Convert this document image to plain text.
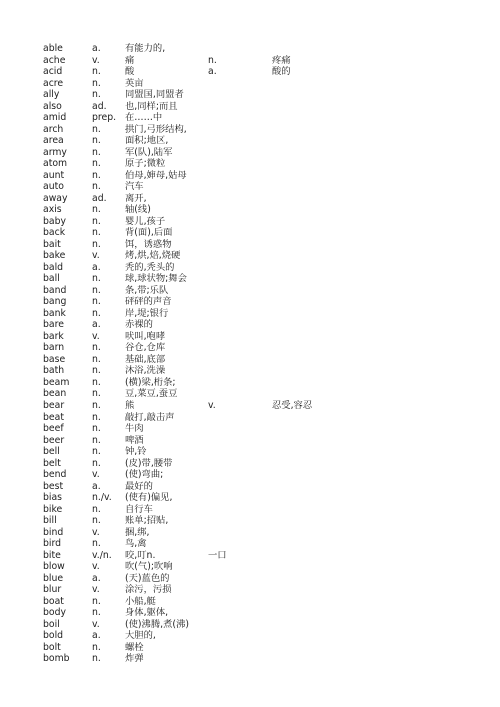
able	a.	有能力的,
ache	v.	痛	n.	疼痛
acid	n.	酸	a.	酸的
acre	n.	英亩
ally	n.	同盟国,同盟者
also	ad. 也,同样;而且
amid	prep. 在……中
arch	n.	拱门,弓形结构,
area	n.	面积;地区,
army	n.	军(队),陆军
atom	n.	原子;微粒
aunt	n.	伯母,婶母,姑母
auto	n.	汽车
away	ad. 离开,
axis	n.	轴(线)
baby	n.	婴儿,孩子
back	n.	背(面),后面
bait	n.	饵，诱惑物
bake	v.	烤,烘,焙,烧硬
bald	a.	秃的,秃头的
ball	n.	球,球状物;舞会
band	n.	条,带;乐队
bang	n.	砰砰的声音
bank	n.	岸,堤;银行
bare	a.	赤裸的
bark	v.	吠叫,咆哮
barn	n.	谷仓,仓库
base	n.	基础,底部
bath	n.	沐浴,洗澡
beam n.	(横)梁,桁条;
bean	n.	豆,菜豆,蚕豆
bear	n.	熊	v.	忍受,容忍
beat	n.	敲打,敲击声
beef	n.	牛肉
beer	n.	啤酒
bell	n.	钟,铃
belt	n.	(皮)带,腰带
bend	v.	(使)弯曲;
best	a.	最好的
bias	n./v. (使有)偏见,
bike	n.	自行车
bill	n.	账单;招贴,
bind	v.	捆,绑,
bird	n.	鸟,禽
bite	v./n. 咬,叮n.	一口
blow	v.	吹(气);吹响
blue	a.	(天)蓝色的
blur	v.	涂污，污损
boat	n.	小船,艇
body	n.	身体,躯体,
boil	v.	(使)沸腾,煮(沸)
bold	a.	大胆的,
bolt	n.	螺栓
bomb n.	炸弹
